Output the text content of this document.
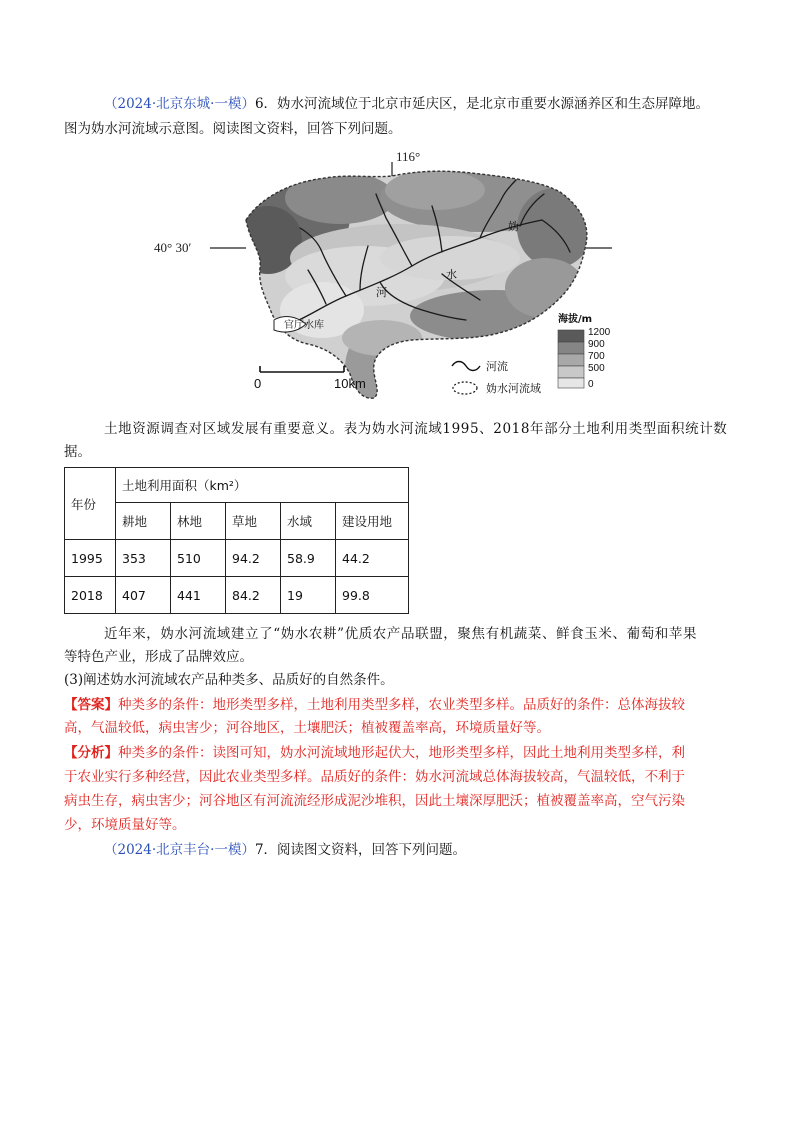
（2024·北京东城·一模）6．妫水河流域位于北京市延庆区，是北京市重要水源涵养区和生态屏障地。

图为妫水河流域示意图。阅读图文资料，回答下列问题。

116°
40° 30′
妫
水
河
官厅水库
0	10km
河流
妫水河流域
海拔/m
1200
900
700
500
0

土地资源调查对区域发展有重要意义。表为妫水河流域1995、2018年部分土地利用类型面积统计数

据。

年份	土地利用面积（km²）				
	耕地	林地	草地	水域	建设用地
1995	353	510	94.2	58.9	44.2
2018	407	441	84.2	19	99.8

近年来，妫水河流域建立了“妫水农耕”优质农产品联盟，聚焦有机蔬菜、鲜食玉米、葡萄和苹果

等特色产业，形成了品牌效应。

(3)阐述妫水河流域农产品种类多、品质好的自然条件。

【答案】种类多的条件：地形类型多样，土地利用类型多样，农业类型多样。品质好的条件：总体海拔较

高，气温较低，病虫害少；河谷地区，土壤肥沃；植被覆盖率高，环境质量好等。

【分析】种类多的条件：读图可知，妫水河流域地形起伏大，地形类型多样，因此土地利用类型多样，利

于农业实行多种经营，因此农业类型多样。品质好的条件：妫水河流域总体海拔较高，气温较低，不利于

病虫生存，病虫害少；河谷地区有河流流经形成泥沙堆积，因此土壤深厚肥沃；植被覆盖率高，空气污染

少，环境质量好等。

（2024·北京丰台·一模）7．阅读图文资料，回答下列问题。
